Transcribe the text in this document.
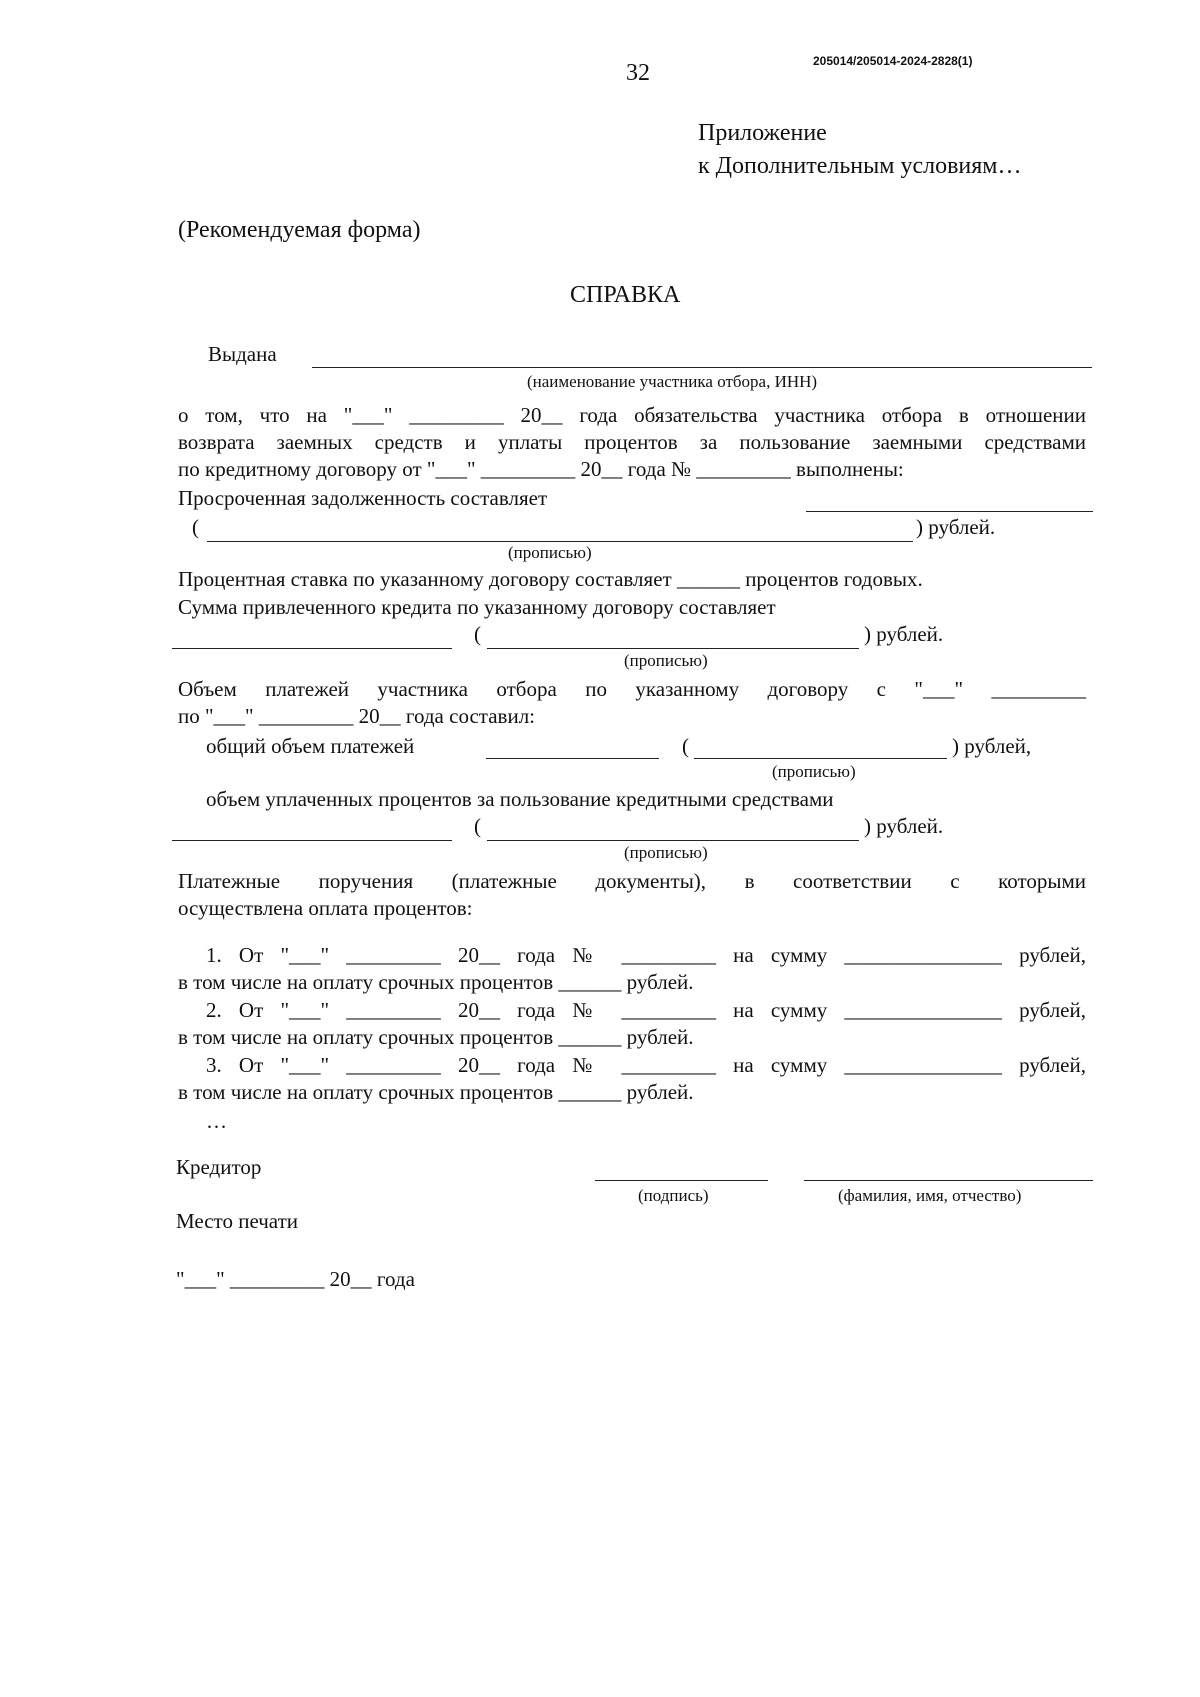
205014/205014-2024-2828(1)
32
Приложение
к Дополнительным условиям…
(Рекомендуемая форма)
СПРАВКА
Выдана
(наименование участника отбора, ИНН)
о том, что на "___" _________ 20__ года обязательства участника отбора в отношении
возврата заемных средств и уплаты процентов за пользование заемными средствами
по кредитному договору от "___" _________ 20__ года № _________ выполнены:
Просроченная задолженность составляет
(	) рублей.
(прописью)
Процентная ставка по указанному договору составляет ______ процентов годовых.
Сумма привлеченного кредита по указанному договору составляет
(	) рублей.
(прописью)
Объем платежей участника отбора по указанному договору с "___" _________
по "___" _________ 20__ года составил:
общий объем платежей	(	) рублей,
(прописью)
объем уплаченных процентов за пользование кредитными средствами
(	) рублей.
(прописью)
Платежные поручения (платежные документы), в соответствии с которыми
осуществлена оплата процентов:
1. От "___" _________ 20__ года № _________ на сумму _______________ рублей,
в том числе на оплату срочных процентов ______ рублей.
2. От "___" _________ 20__ года № _________ на сумму _______________ рублей,
в том числе на оплату срочных процентов ______ рублей.
3. От "___" _________ 20__ года № _________ на сумму _______________ рублей,
в том числе на оплату срочных процентов ______ рублей.
…
Кредитор
(подпись)	(фамилия, имя, отчество)
Место печати
"___" _________ 20__ года
